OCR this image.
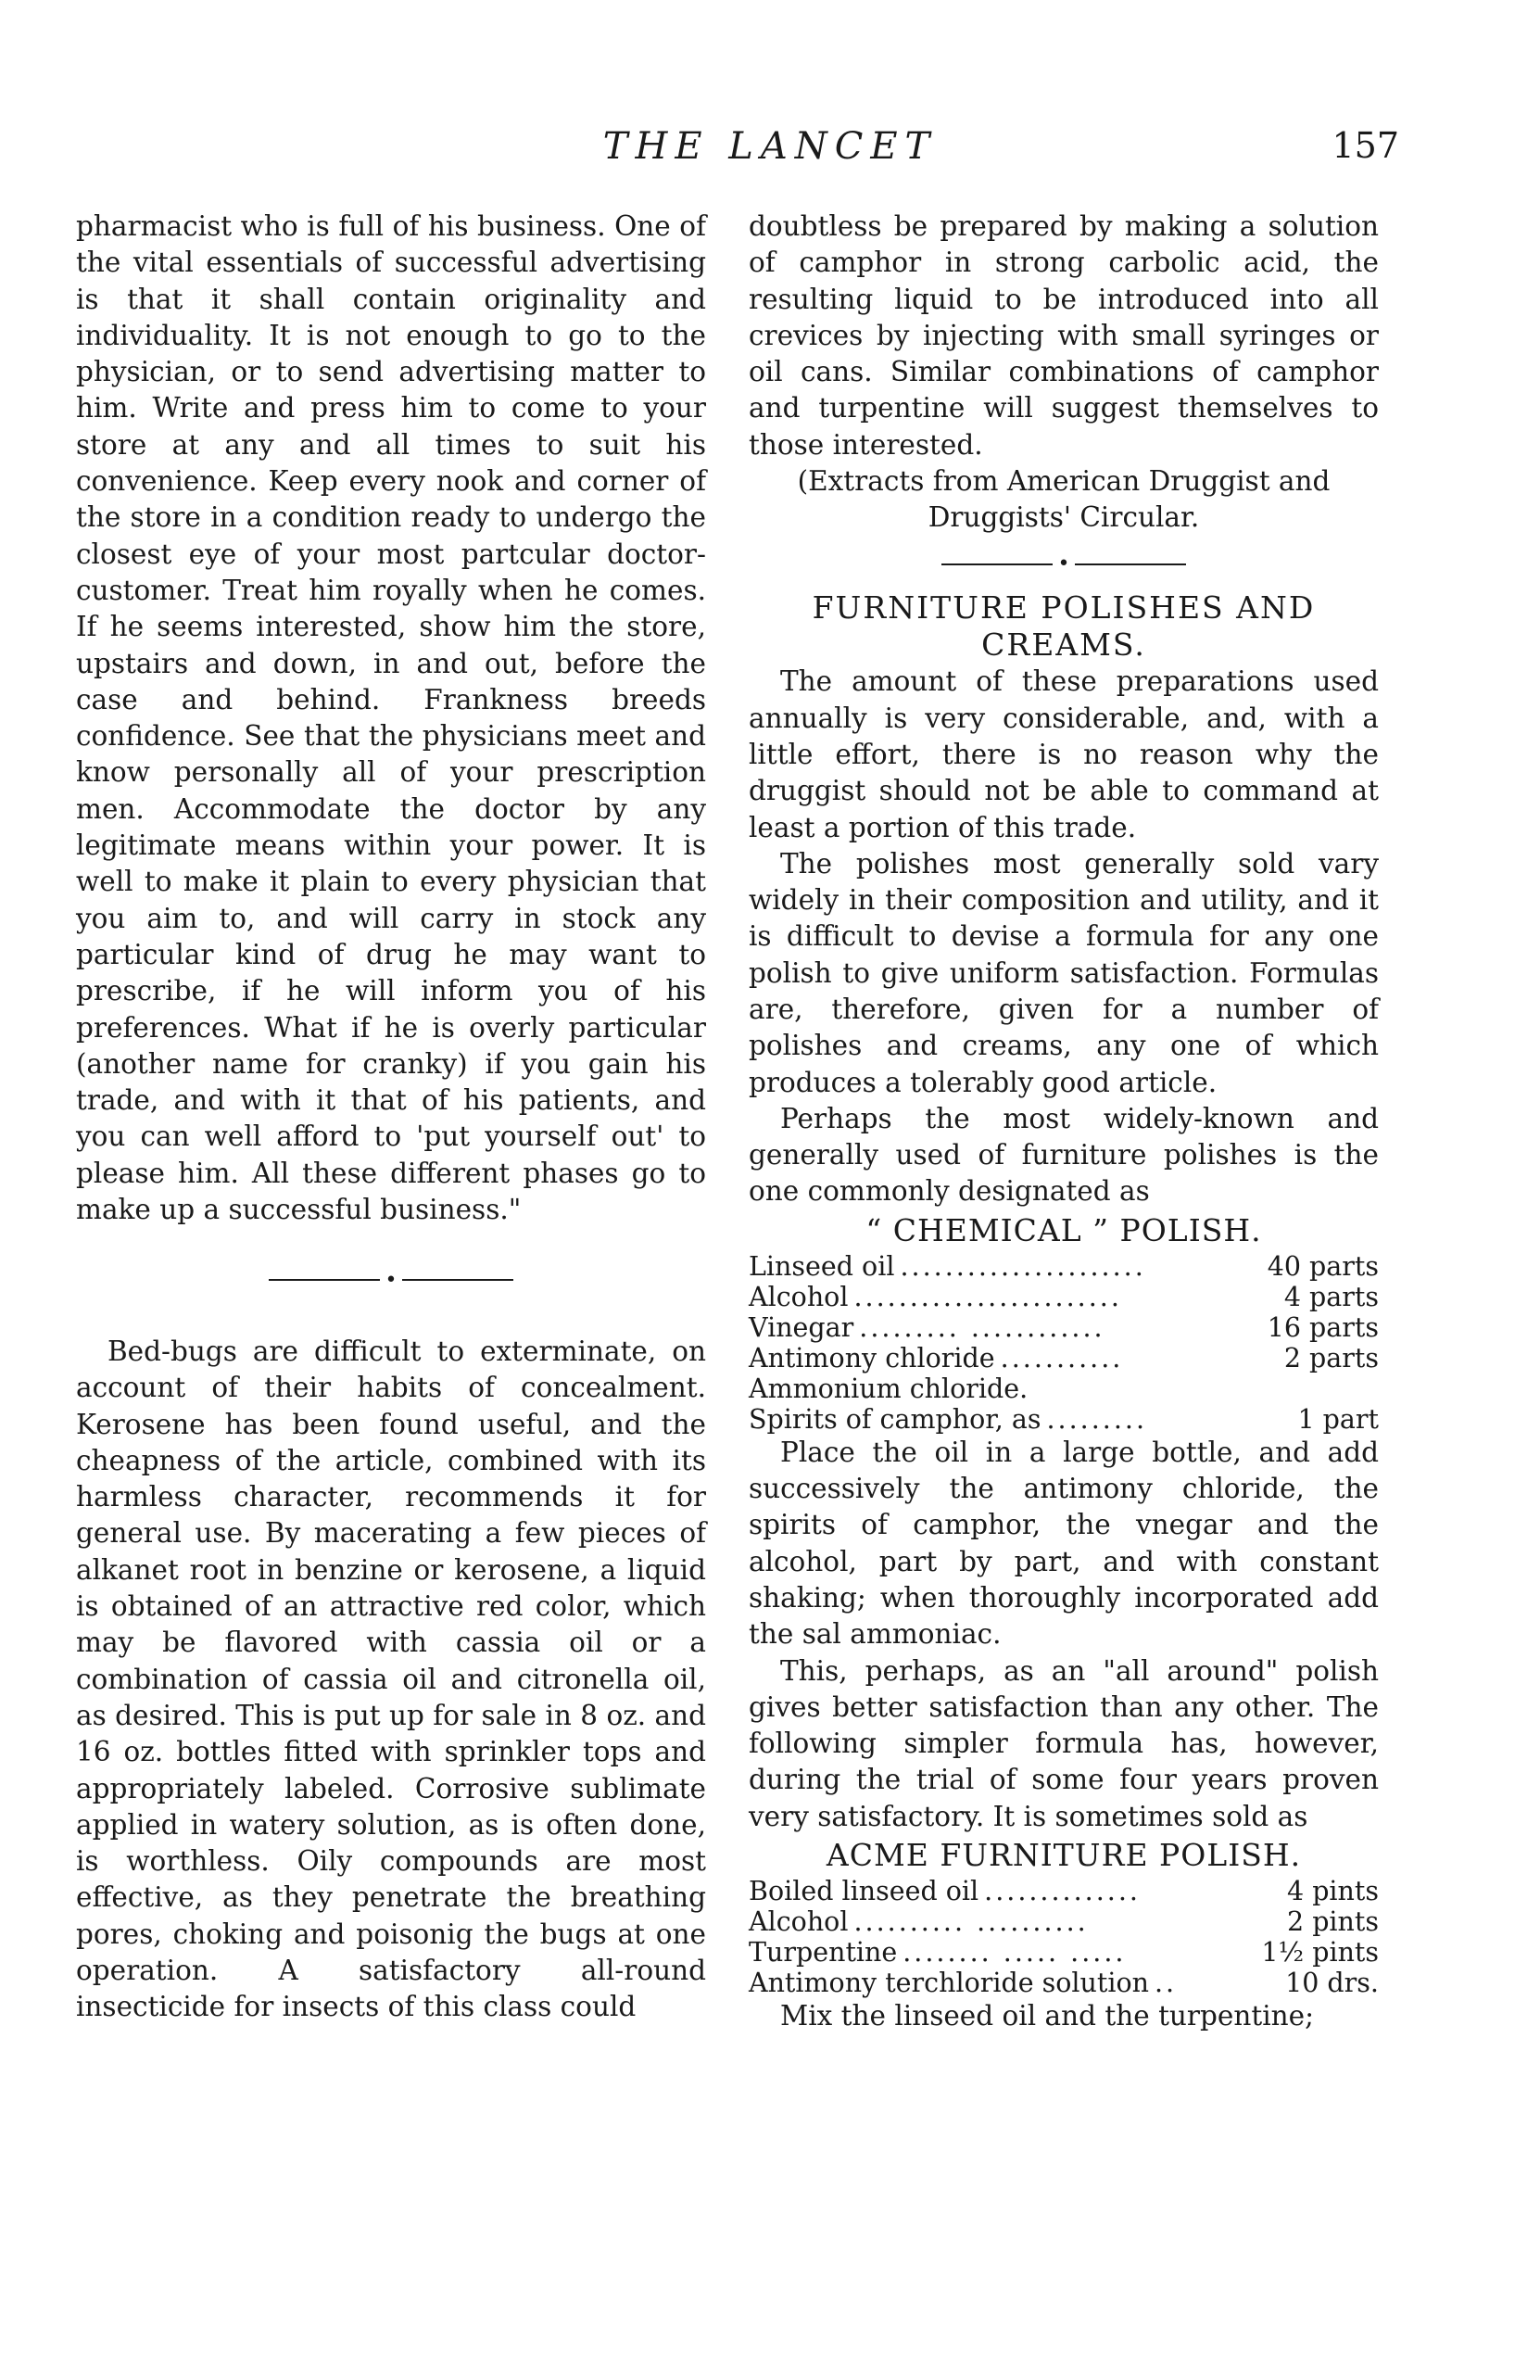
THE LANCET	157

pharmacist who is full of his business. One of the vital essentials of successful advertising is that it shall contain originality and individuality. It is not enough to go to the physician, or to send advertising matter to him. Write and press him to come to your store at any and all times to suit his convenience. Keep every nook and corner of the store in a condition ready to undergo the closest eye of your most partcular doctor-customer. Treat him royally when he comes. If he seems interested, show him the store, upstairs and down, in and out, before the case and behind. Frankness breeds confidence. See that the physicians meet and know personally all of your prescription men. Accommodate the doctor by any legitimate means within your power. It is well to make it plain to every physician that you aim to, and will carry in stock any particular kind of drug he may want to prescribe, if he will inform you of his preferences. What if he is overly particular (another name for cranky) if you gain his trade, and with it that of his patients, and you can well afford to 'put yourself out' to please him. All these different phases go to make up a successful business."

•

Bed-bugs are difficult to exterminate, on account of their habits of concealment. Kerosene has been found useful, and the cheapness of the article, combined with its harmless character, recommends it for general use. By macerating a few pieces of alkanet root in benzine or kerosene, a liquid is obtained of an attractive red color, which may be flavored with cassia oil or a combination of cassia oil and citronella oil, as desired. This is put up for sale in 8 oz. and 16 oz. bottles fitted with sprinkler tops and appropriately labeled. Corrosive sublimate applied in watery solution, as is often done, is worthless. Oily compounds are most effective, as they penetrate the breathing pores, choking and poisonig the bugs at one operation. A satisfactory all-round insecticide for insects of this class could

doubtless be prepared by making a solution of camphor in strong carbolic acid, the resulting liquid to be introduced into all crevices by injecting with small syringes or oil cans. Similar combinations of camphor and turpentine will suggest themselves to those interested.

(Extracts from American Druggist and

Druggists' Circular.

•
FURNITURE POLISHES AND
CREAMS.

The amount of these preparations used annually is very considerable, and, with a little effort, there is no reason why the druggist should not be able to command at least a portion of this trade.

The polishes most generally sold vary widely in their composition and utility, and it is difficult to devise a formula for any one polish to give uniform satisfaction. Formulas are, therefore, given for a number of polishes and creams, any one of which produces a tolerably good article.

Perhaps the most widely-known and generally used of furniture polishes is the one commonly designated as

“ CHEMICAL ” POLISH.
Linseed oil ......................	40 parts
Alcohol ........................	4 parts
Vinegar ......... ............	16 parts
Antimony chloride ...........	2 parts
Ammonium chloride.
Spirits of camphor, as .........	1 part

Place the oil in a large bottle, and add successively the antimony chloride, the spirits of camphor, the vnegar and the alcohol, part by part, and with constant shaking; when thoroughly incorporated add the sal ammoniac.

This, perhaps, as an "all around" polish gives better satisfaction than any other. The following simpler formula has, however, during the trial of some four years proven very satisfactory. It is sometimes sold as

ACME FURNITURE POLISH.
Boiled linseed oil ..............	4 pints
Alcohol .......... ..........	2 pints
Turpentine ........ ..... .....	1½ pints
Antimony terchloride solution ..	10 drs.

Mix the linseed oil and the turpentine;
